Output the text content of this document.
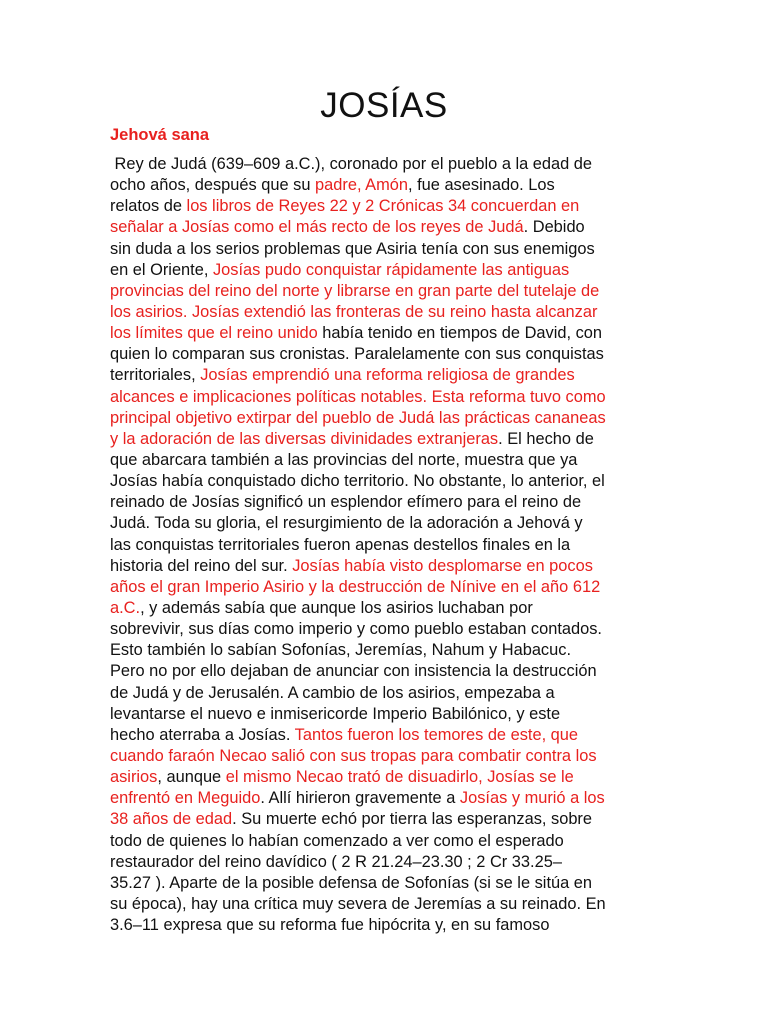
JOSÍAS
Jehová sana
Rey de Judá (639–609 a.C.), coronado por el pueblo a la edad de
ocho años, después que su padre, Amón, fue asesinado. Los
relatos de los libros de Reyes 22 y 2 Crónicas 34 concuerdan en
señalar a Josías como el más recto de los reyes de Judá. Debido
sin duda a los serios problemas que Asiria tenía con sus enemigos
en el Oriente, Josías pudo conquistar rápidamente las antiguas
provincias del reino del norte y librarse en gran parte del tutelaje de
los asirios. Josías extendió las fronteras de su reino hasta alcanzar
los límites que el reino unido había tenido en tiempos de David, con
quien lo comparan sus cronistas. Paralelamente con sus conquistas
territoriales, Josías emprendió una reforma religiosa de grandes
alcances e implicaciones políticas notables. Esta reforma tuvo como
principal objetivo extirpar del pueblo de Judá las prácticas cananeas
y la adoración de las diversas divinidades extranjeras. El hecho de
que abarcara también a las provincias del norte, muestra que ya
Josías había conquistado dicho territorio. No obstante, lo anterior, el
reinado de Josías significó un esplendor efímero para el reino de
Judá. Toda su gloria, el resurgimiento de la adoración a Jehová y
las conquistas territoriales fueron apenas destellos finales en la
historia del reino del sur. Josías había visto desplomarse en pocos
años el gran Imperio Asirio y la destrucción de Nínive en el año 612
a.C., y además sabía que aunque los asirios luchaban por
sobrevivir, sus días como imperio y como pueblo estaban contados.
Esto también lo sabían Sofonías, Jeremías, Nahum y Habacuc.
Pero no por ello dejaban de anunciar con insistencia la destrucción
de Judá y de Jerusalén. A cambio de los asirios, empezaba a
levantarse el nuevo e inmisericorde Imperio Babilónico, y este
hecho aterraba a Josías. Tantos fueron los temores de este, que
cuando faraón Necao salió con sus tropas para combatir contra los
asirios, aunque el mismo Necao trató de disuadirlo, Josías se le
enfrentó en Meguido. Allí hirieron gravemente a Josías y murió a los
38 años de edad. Su muerte echó por tierra las esperanzas, sobre
todo de quienes lo habían comenzado a ver como el esperado
restaurador del reino davídico ( 2 R 21.24–23.30 ; 2 Cr 33.25–
35.27 ). Aparte de la posible defensa de Sofonías (si se le sitúa en
su época), hay una crítica muy severa de Jeremías a su reinado. En
3.6–11 expresa que su reforma fue hipócrita y, en su famoso
